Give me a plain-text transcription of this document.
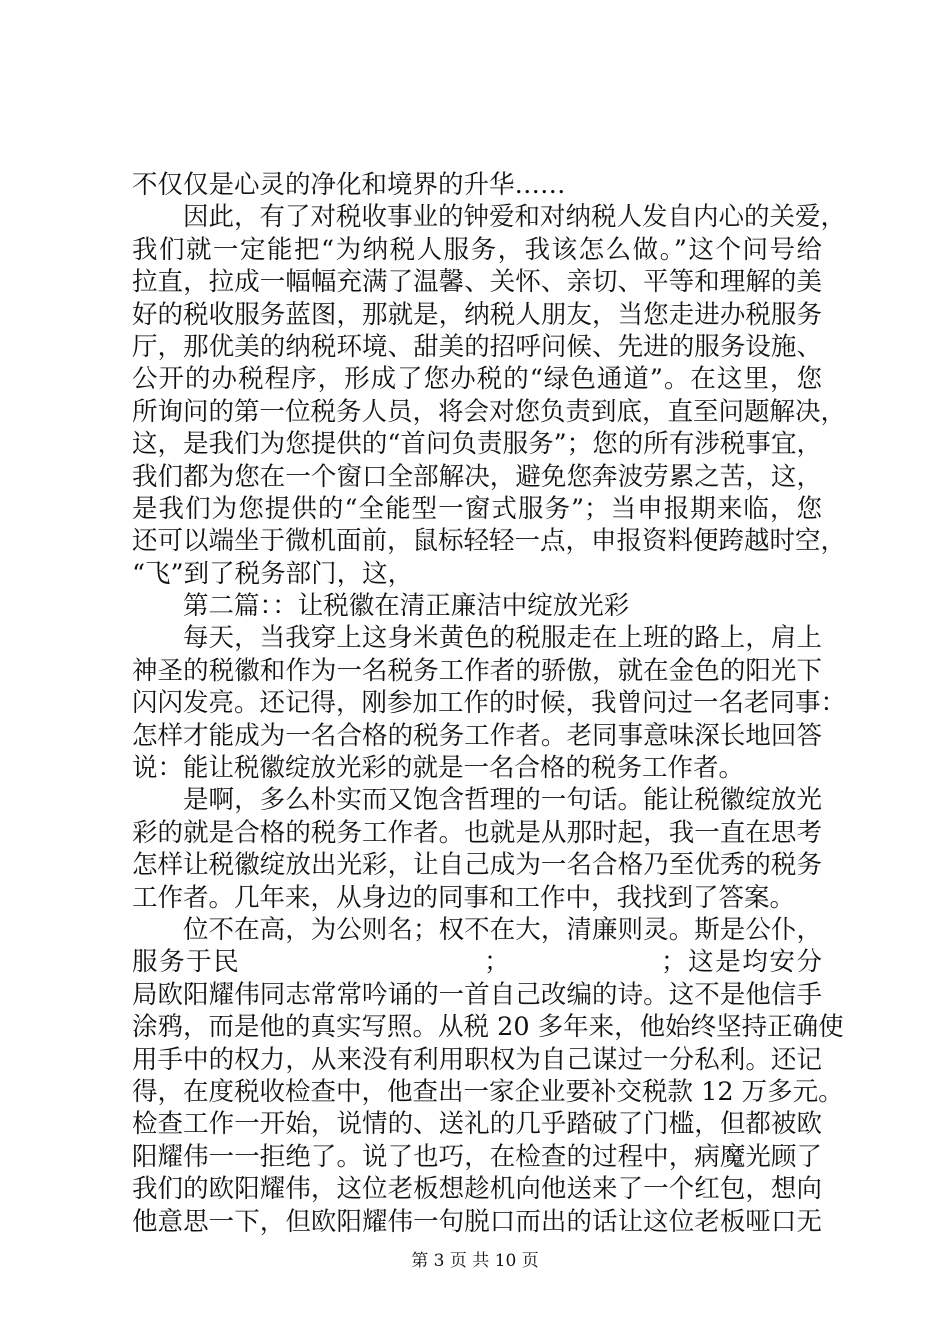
不仅仅是心灵的净化和境界的升华……
因此，有了对税收事业的钟爱和对纳税人发自内心的关爱，
我们就一定能把“为纳税人服务，我该怎么做。”这个问号给
拉直，拉成一幅幅充满了温馨、关怀、亲切、平等和理解的美
好的税收服务蓝图，那就是，纳税人朋友，当您走进办税服务
厅，那优美的纳税环境、甜美的招呼问候、先进的服务设施、
公开的办税程序，形成了您办税的“绿色通道”。在这里，您
所询问的第一位税务人员，将会对您负责到底，直至问题解决，
这，是我们为您提供的“首问负责服务”；您的所有涉税事宜，
我们都为您在一个窗口全部解决，避免您奔波劳累之苦，这，
是我们为您提供的“全能型一窗式服务”；当申报期来临，您
还可以端坐于微机面前，鼠标轻轻一点，申报资料便跨越时空，
“飞”到了税务部门，这，
第二篇：：让税徽在清正廉洁中绽放光彩
每天，当我穿上这身米黄色的税服走在上班的路上，肩上
神圣的税徽和作为一名税务工作者的骄傲，就在金色的阳光下
闪闪发亮。还记得，刚参加工作的时候，我曾问过一名老同事：
怎样才能成为一名合格的税务工作者。老同事意味深长地回答
说：能让税徽绽放光彩的就是一名合格的税务工作者。
是啊，多么朴实而又饱含哲理的一句话。能让税徽绽放光
彩的就是合格的税务工作者。也就是从那时起，我一直在思考
怎样让税徽绽放出光彩，让自己成为一名合格乃至优秀的税务
工作者。几年来，从身边的同事和工作中，我找到了答案。
位不在高，为公则名；权不在大，清廉则灵。斯是公仆，
服务于民　　　　　　　　　；　　　　　　；这是均安分
局欧阳耀伟同志常常吟诵的一首自己改编的诗。这不是他信手
涂鸦，而是他的真实写照。从税 20 多年来，他始终坚持正确使
用手中的权力，从来没有利用职权为自己谋过一分私利。还记
得，在度税收检查中，他查出一家企业要补交税款 12 万多元。
检查工作一开始，说情的、送礼的几乎踏破了门槛，但都被欧
阳耀伟一一拒绝了。说了也巧，在检查的过程中，病魔光顾了
我们的欧阳耀伟，这位老板想趁机向他送来了一个红包，想向
他意思一下，但欧阳耀伟一句脱口而出的话让这位老板哑口无
第 3 页 共 10 页
